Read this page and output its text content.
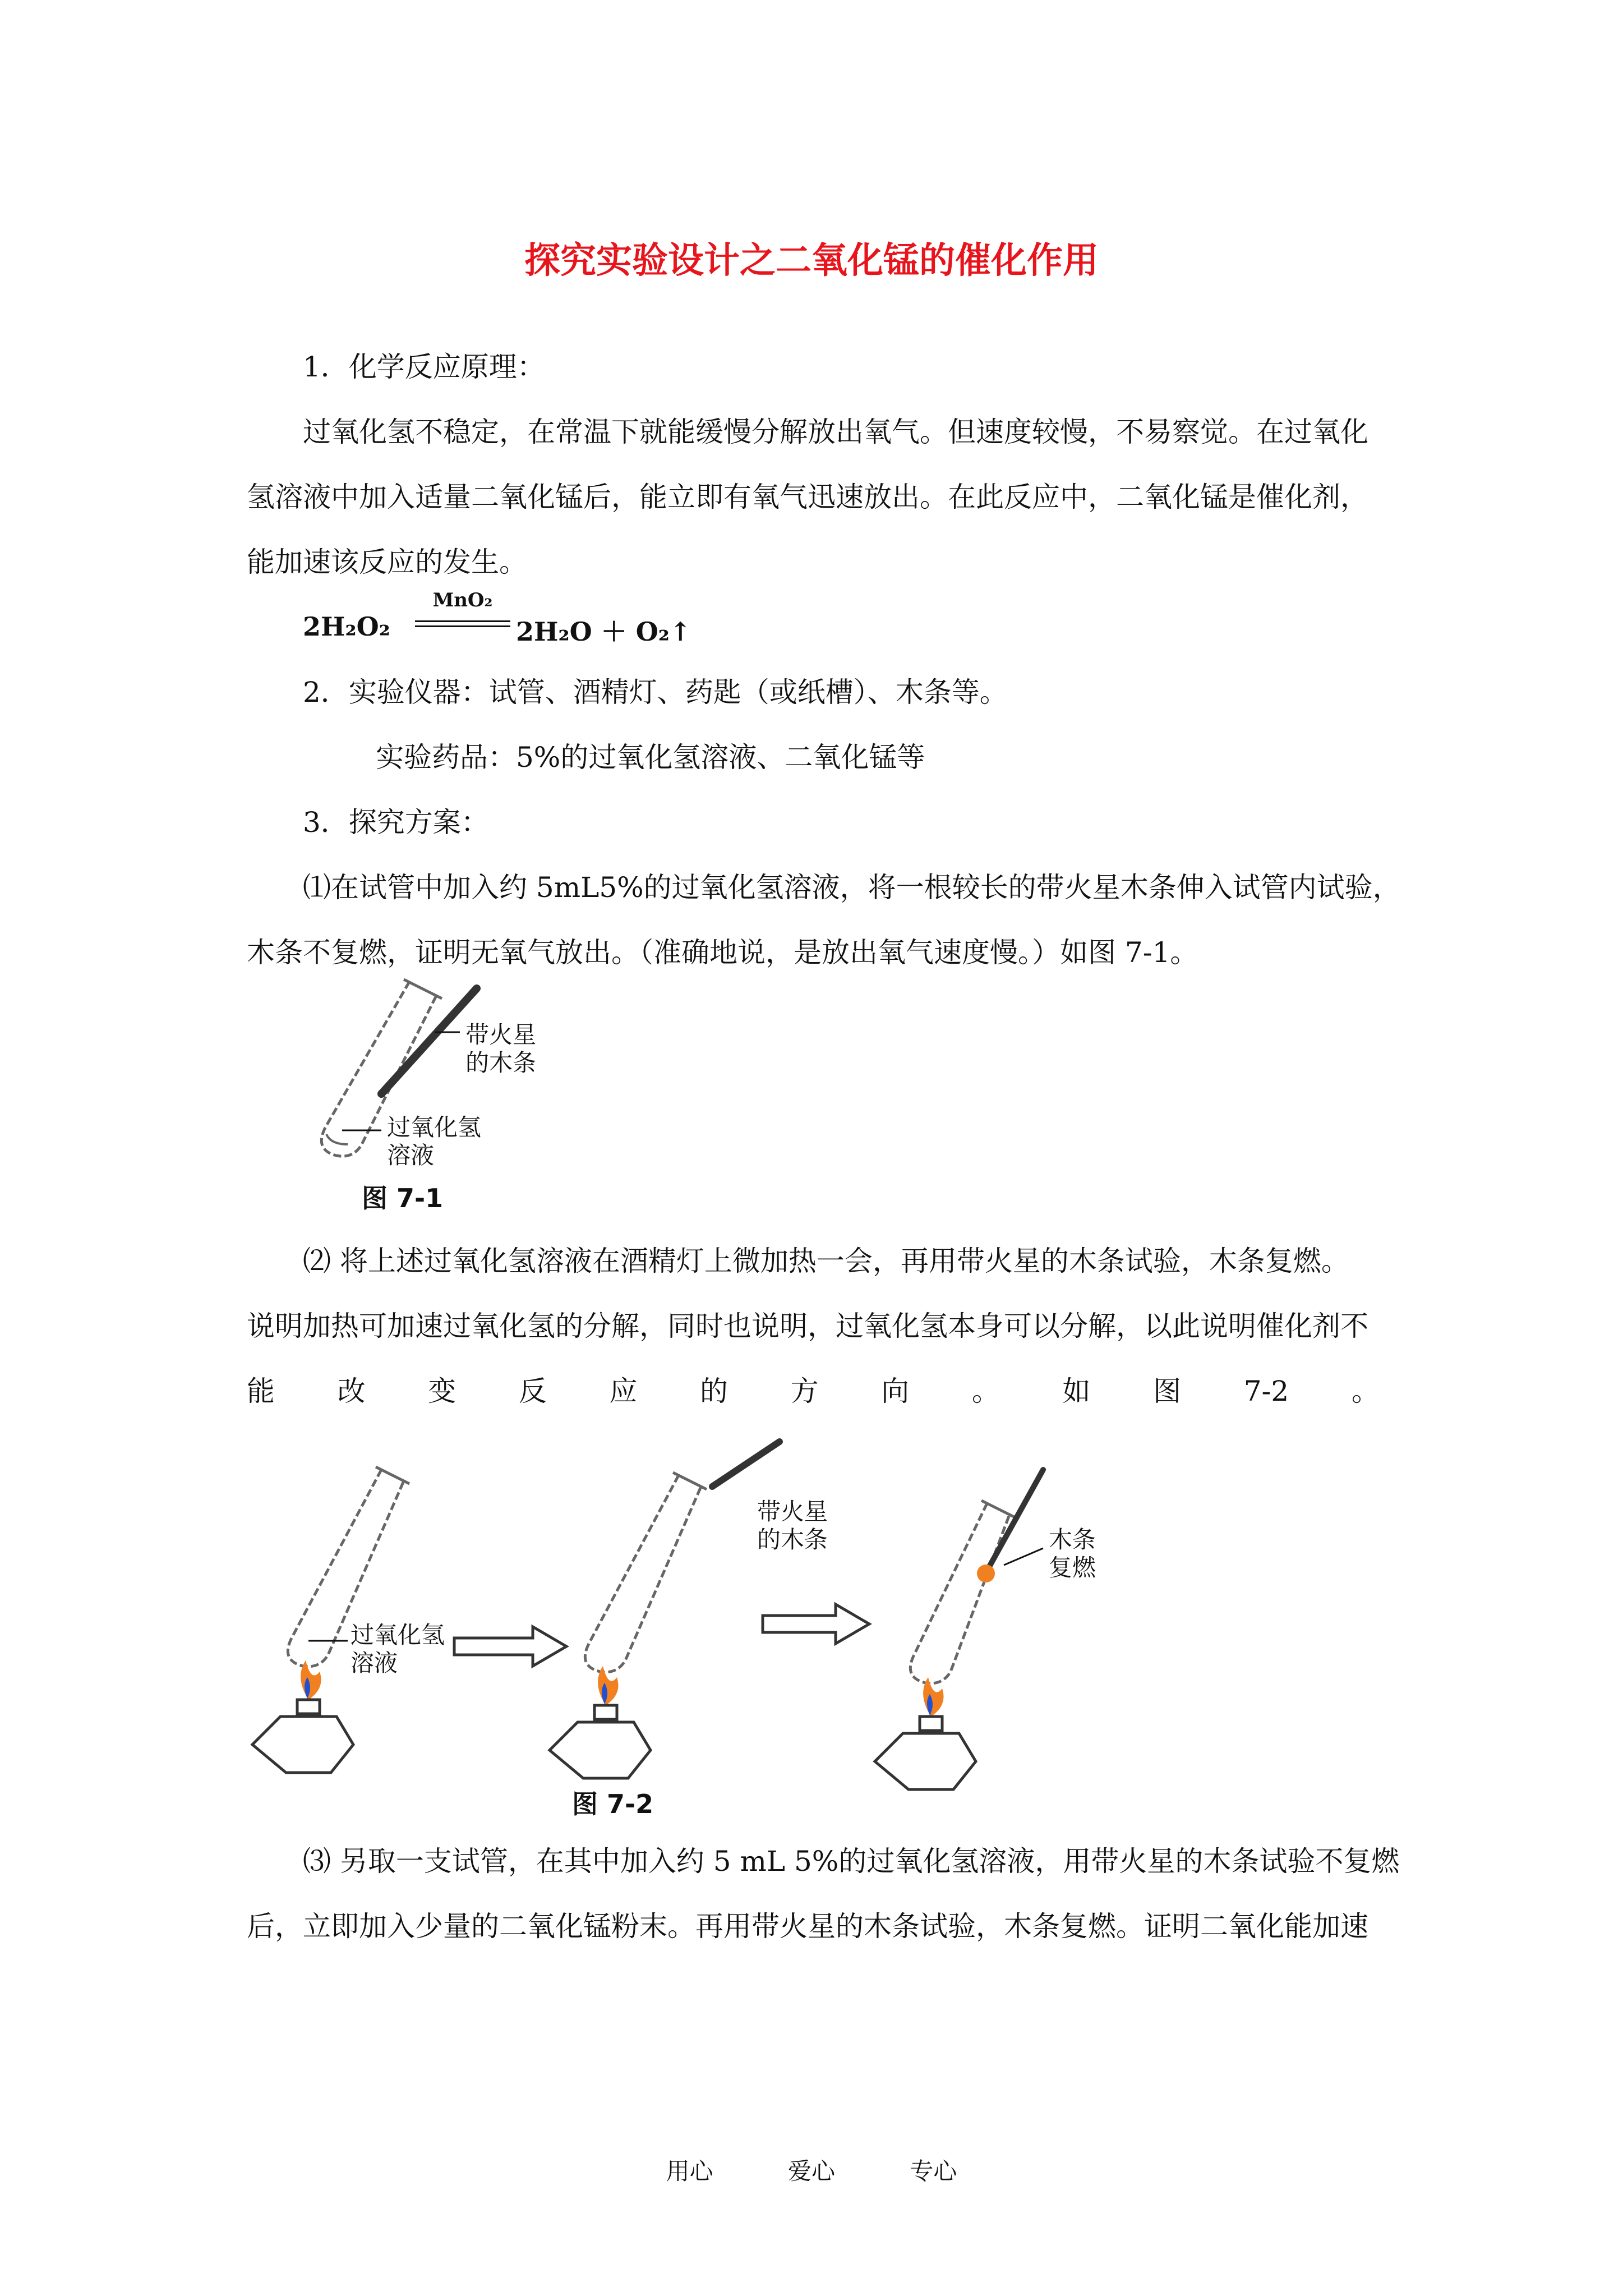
探究实验设计之二氧化锰的催化作用
1．化学反应原理：
过氧化氢不稳定，在常温下就能缓慢分解放出氧气。但速度较慢，不易察觉。在过氧化
氢溶液中加入适量二氧化锰后，能立即有氧气迅速放出。在此反应中，二氧化锰是催化剂，
能加速该反应的发生。
2H₂O₂
MnO₂
2H₂O ＋ O₂↑
2．实验仪器：试管、酒精灯、药匙（或纸槽）、木条等。
实验药品：5%的过氧化氢溶液、二氧化锰等
3．探究方案：
⑴在试管中加入约 5mL5%的过氧化氢溶液，将一根较长的带火星木条伸入试管内试验，
木条不复燃，证明无氧气放出。（准确地说，是放出氧气速度慢。）如图 7-1。
带火星
的木条
过氧化氢
溶液
图 7-1
⑵ 将上述过氧化氢溶液在酒精灯上微加热一会，再用带火星的木条试验，木条复燃。
说明加热可加速过氧化氢的分解，同时也说明，过氧化氢本身可以分解，以此说明催化剂不
能 改 变 反 应 的 方 向 。 如 图 7-2 。
过氧化氢
溶液
带火星
的木条	木条
复燃
图 7-2
⑶ 另取一支试管，在其中加入约 5 mL 5%的过氧化氢溶液，用带火星的木条试验不复燃
后，立即加入少量的二氧化锰粉末。再用带火星的木条试验，木条复燃。证明二氧化能加速
用心	爱心	专心
